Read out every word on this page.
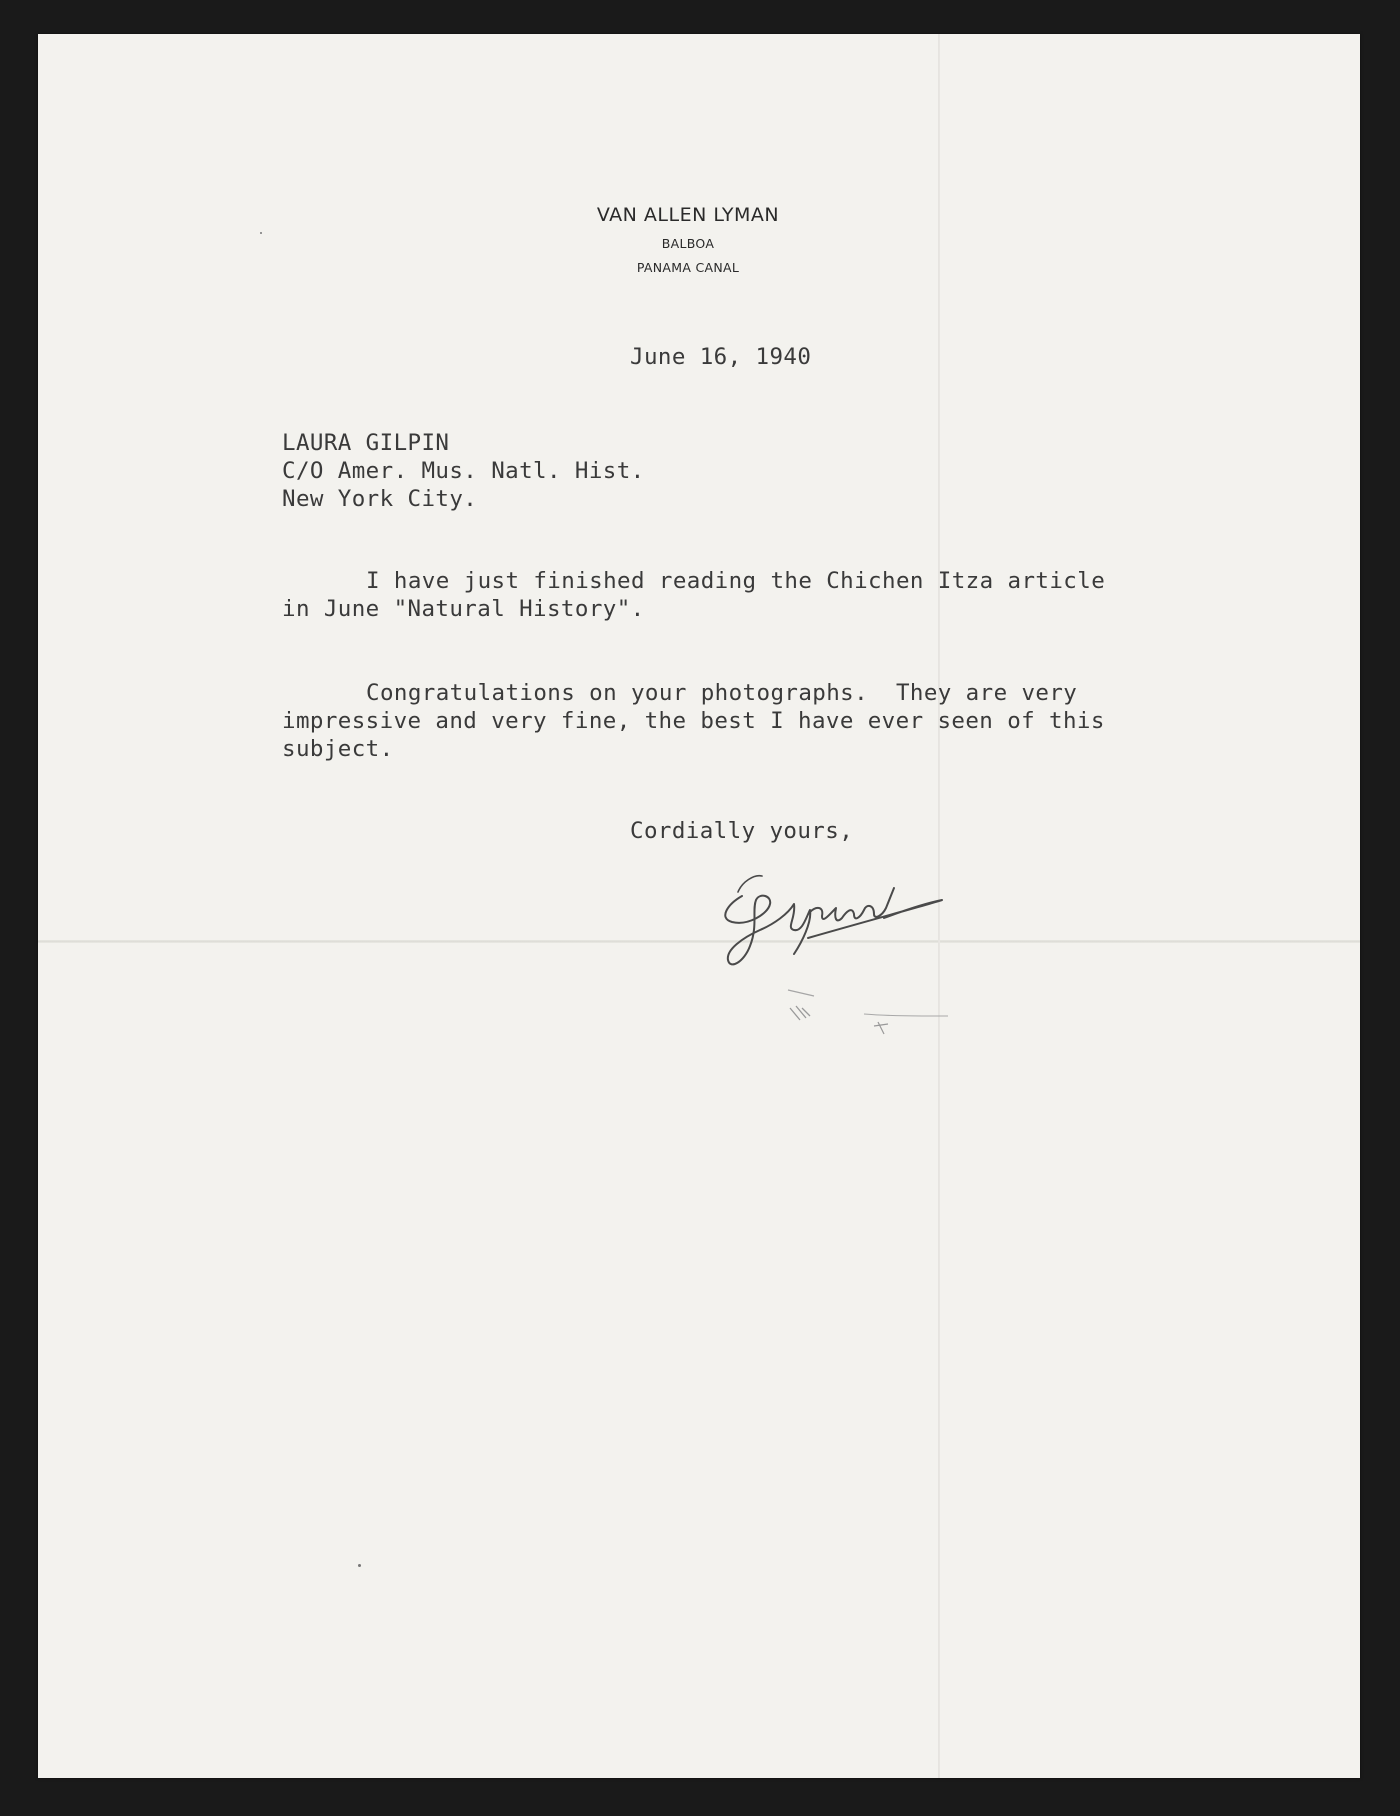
VAN ALLEN LYMAN
BALBOA
PANAMA CANAL
June 16, 1940
LAURA GILPIN
C/O Amer. Mus. Natl. Hist.
New York City.
I have just finished reading the Chichen Itza article
in June "Natural History".
Congratulations on your photographs.  They are very
impressive and very fine, the best I have ever seen of this
subject.
Cordially yours,
